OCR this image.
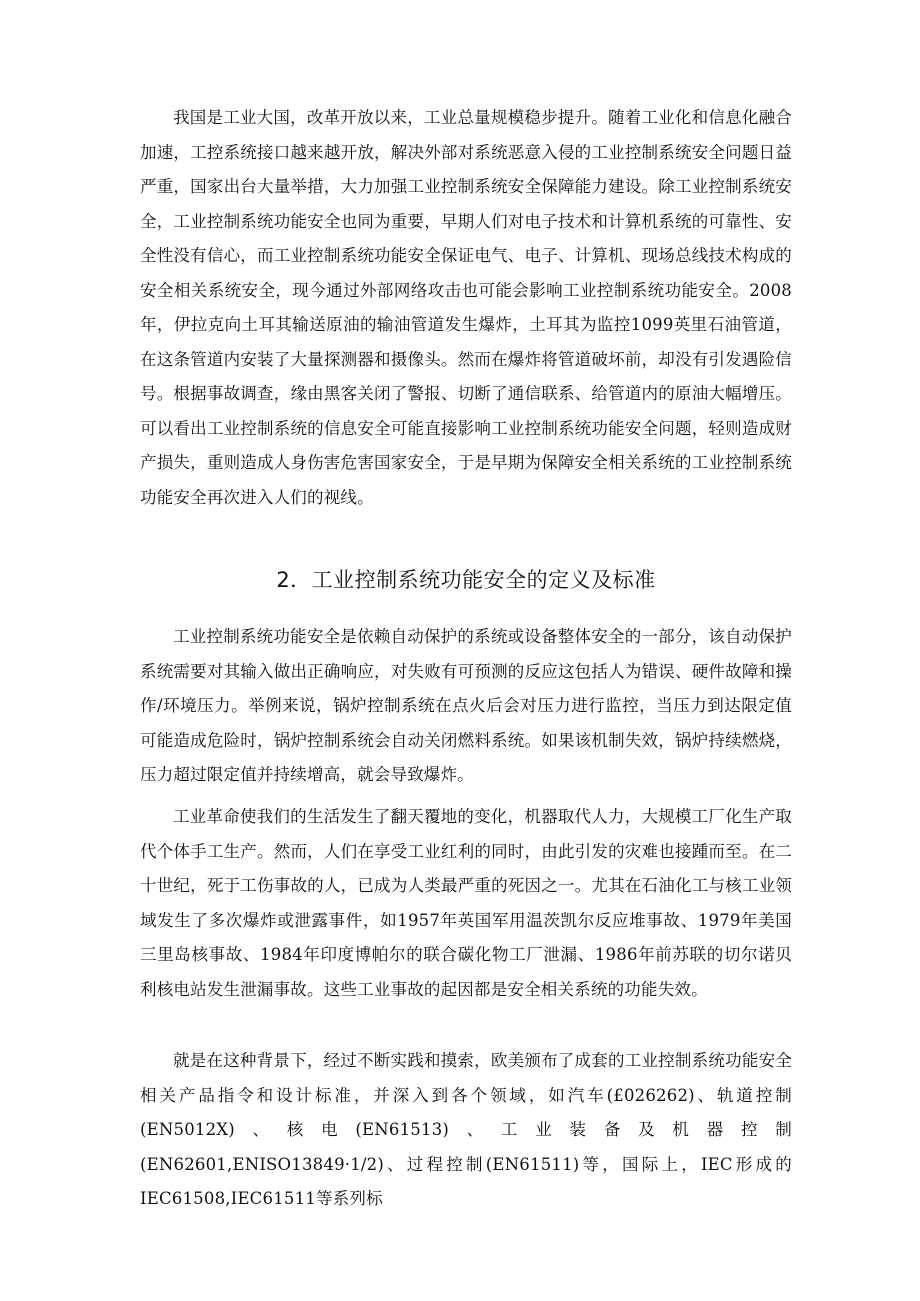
我国是工业大国，改革开放以来，工业总量规模稳步提升。随着工业化和信息化融合加速，工控系统接口越来越开放，解决外部对系统恶意入侵的工业控制系统安全问题日益严重，国家出台大量举措，大力加强工业控制系统安全保障能力建设。除工业控制系统安全，工业控制系统功能安全也同为重要，早期人们对电子技术和计算机系统的可靠性、安全性没有信心，而工业控制系统功能安全保证电气、电子、计算机、现场总线技术构成的安全相关系统安全，现今通过外部网络攻击也可能会影响工业控制系统功能安全。2008年，伊拉克向土耳其输送原油的输油管道发生爆炸，土耳其为监控1099英里石油管道，在这条管道内安装了大量探测器和摄像头。然而在爆炸将管道破坏前，却没有引发遇险信号。根据事故调查，缘由黑客关闭了警报、切断了通信联系、给管道内的原油大幅增压。可以看出工业控制系统的信息安全可能直接影响工业控制系统功能安全问题，轻则造成财产损失，重则造成人身伤害危害国家安全，于是早期为保障安全相关系统的工业控制系统功能安全再次进入人们的视线。

2．工业控制系统功能安全的定义及标准

工业控制系统功能安全是依赖自动保护的系统或设备整体安全的一部分，该自动保护系统需要对其输入做出正确响应，对失败有可预测的反应这包括人为错误、硬件故障和操作/环境压力。举例来说，锅炉控制系统在点火后会对压力进行监控，当压力到达限定值可能造成危险时，锅炉控制系统会自动关闭燃料系统。如果该机制失效，锅炉持续燃烧，压力超过限定值并持续增高，就会导致爆炸。

工业革命使我们的生活发生了翻天覆地的变化，机器取代人力，大规模工厂化生产取代个体手工生产。然而，人们在享受工业红利的同时，由此引发的灾难也接踵而至。在二十世纪，死于工伤事故的人，已成为人类最严重的死因之一。尤其在石油化工与核工业领域发生了多次爆炸或泄露事件，如1957年英国军用温茨凯尔反应堆事故、1979年美国三里岛核事故、1984年印度博帕尔的联合碳化物工厂泄漏、1986年前苏联的切尔诺贝利核电站发生泄漏事故。这些工业事故的起因都是安全相关系统的功能失效。

就是在这种背景下，经过不断实践和摸索，欧美颁布了成套的工业控制系统功能安全相关产品指令和设计标准，并深入到各个领域，如汽车(£026262)、轨道控制(EN5012X)、核电(EN61513)、工业装备及机器控制(EN62601,ENISO13849·1/2)、过程控制(EN61511)等，国际上，IEC形成的IEC61508,IEC61511等系列标
